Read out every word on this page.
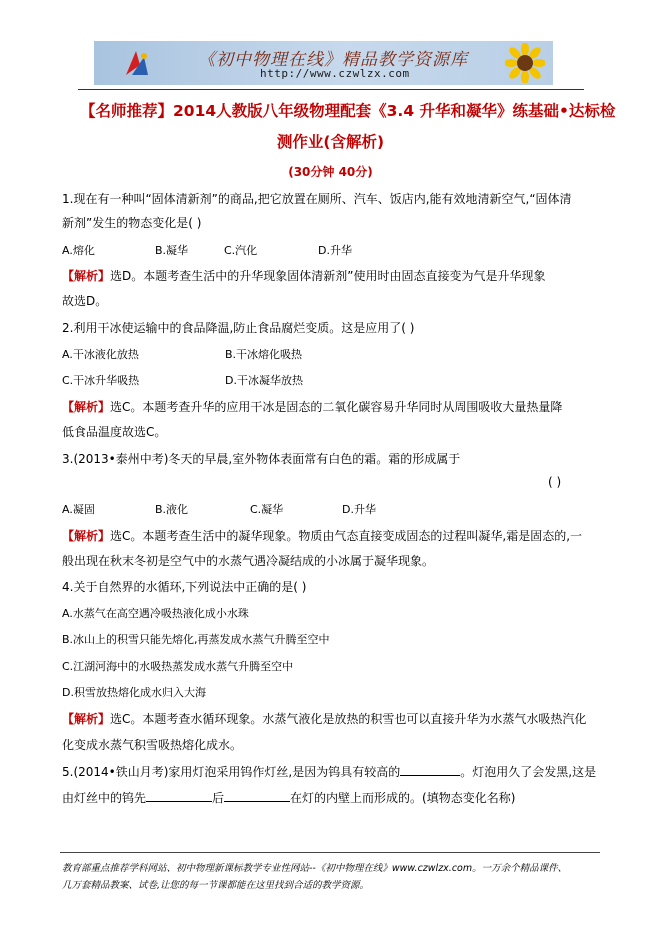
《初中物理在线》精品教学资源库
http://www.czwlzx.com
【名师推荐】2014人教版八年级物理配套《3.4 升华和凝华》练基础•达标检
测作业(含解析)
(30分钟 40分)
1.现在有一种叫“固体清新剂”的商品,把它放置在厕所、汽车、饭店内,能有效地清新空气,“固体清
新剂”发生的物态变化是( )
A.熔化	B.凝华	C.汽化	D.升华
【解析】选D。本题考查生活中的升华现象固体清新剂”使用时由固态直接变为气是升华现象
故选D。
2.利用干冰使运输中的食品降温,防止食品腐烂变质。这是应用了( )
A.干冰液化放热	B.干冰熔化吸热
C.干冰升华吸热	D.干冰凝华放热
【解析】选C。本题考查升华的应用干冰是固态的二氧化碳容易升华同时从周围吸收大量热量降
低食品温度故选C。
3.(2013•泰州中考)冬天的早晨,室外物体表面常有白色的霜。霜的形成属于
( )
A.凝固	B.液化	C.凝华	D.升华
【解析】选C。本题考查生活中的凝华现象。物质由气态直接变成固态的过程叫凝华,霜是固态的,一
般出现在秋末冬初是空气中的水蒸气遇冷凝结成的小冰属于凝华现象。
4.关于自然界的水循环,下列说法中正确的是( )
A.水蒸气在高空遇冷吸热液化成小水珠
B.冰山上的积雪只能先熔化,再蒸发成水蒸气升腾至空中
C.江湖河海中的水吸热蒸发成水蒸气升腾至空中
D.积雪放热熔化成水归入大海
【解析】选C。本题考查水循环现象。水蒸气液化是放热的积雪也可以直接升华为水蒸气水吸热汽化
化变成水蒸气积雪吸热熔化成水。
5.(2014•铁山月考)家用灯泡采用钨作灯丝,是因为钨具有较高的	。灯泡用久了会发黑,这是
由灯丝中的钨先	后	在灯的内壁上而形成的。(填物态变化名称)
教育部重点推荐学科网站、初中物理新课标教学专业性网站--《初中物理在线》www.czwlzx.com。一万余个精品课件、
几万套精品教案、试卷,让您的每一节课都能在这里找到合适的教学资源。
